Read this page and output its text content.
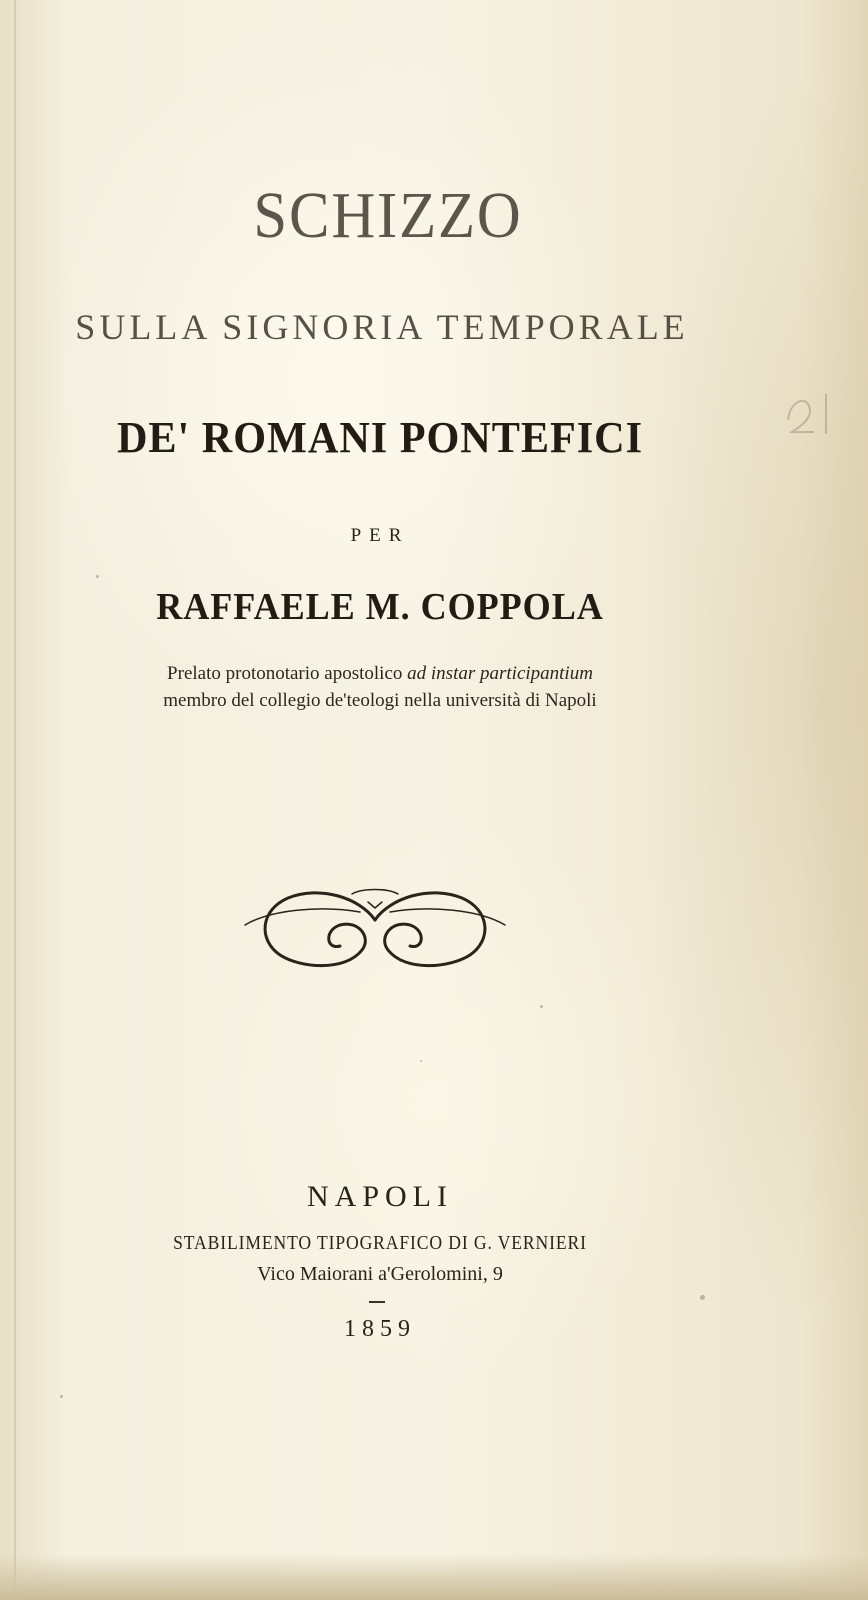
SCHIZZO
SULLA SIGNORIA TEMPORALE
DE' ROMANI PONTEFICI
PER
RAFFAELE M. COPPOLA
Prelato protonotario apostolico ad instar participantium
membro del collegio de'teologi nella università di Napoli
NAPOLI
STABILIMENTO TIPOGRAFICO DI G. VERNIERI
Vico Maiorani a'Gerolomini, 9
1859
